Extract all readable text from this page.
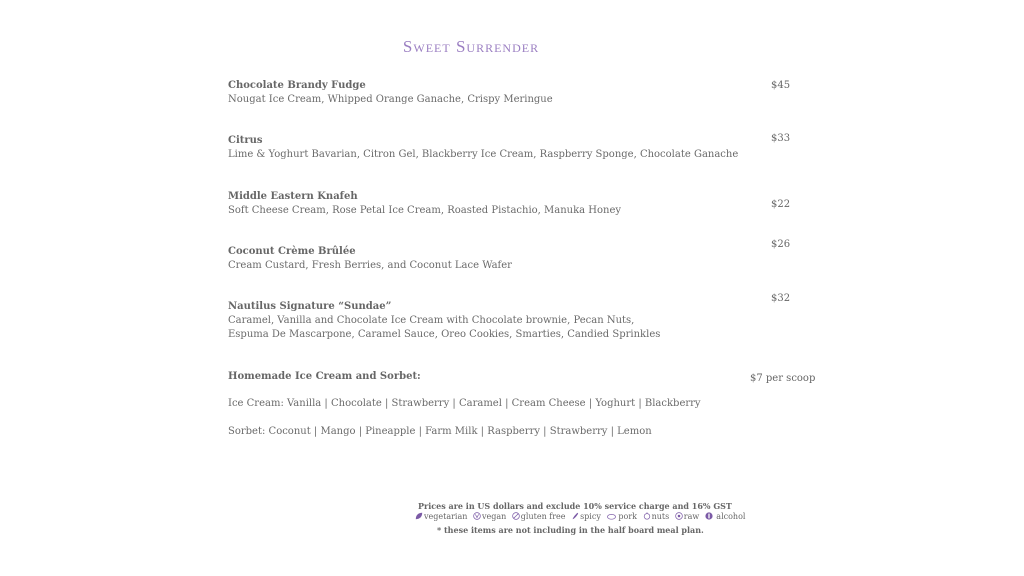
Sweet Surrender
Chocolate Brandy Fudge
Nougat Ice Cream, Whipped Orange Ganache, Crispy Meringue
$45
Citrus
Lime & Yoghurt Bavarian, Citron Gel, Blackberry Ice Cream, Raspberry Sponge, Chocolate Ganache
$33
Middle Eastern Knafeh
Soft Cheese Cream, Rose Petal Ice Cream, Roasted Pistachio, Manuka Honey
$22
Coconut Crème Brûlée
Cream Custard, Fresh Berries, and Coconut Lace Wafer
$26
Nautilus Signature “Sundae”
Caramel, Vanilla and Chocolate Ice Cream with Chocolate brownie, Pecan Nuts,
Espuma De Mascarpone, Caramel Sauce, Oreo Cookies, Smarties, Candied Sprinkles
$32
Homemade Ice Cream and Sorbet:	$7 per scoop
Ice Cream: Vanilla | Chocolate | Strawberry | Caramel | Cream Cheese | Yoghurt | Blackberry
Sorbet: Coconut | Mango | Pineapple | Farm Milk | Raspberry | Strawberry | Lemon
Prices are in US dollars and exclude 10% service charge and 16% GST
vegetarian vegan gluten free spicy pork nuts raw alcohol
* these items are not including in the half board meal plan.
